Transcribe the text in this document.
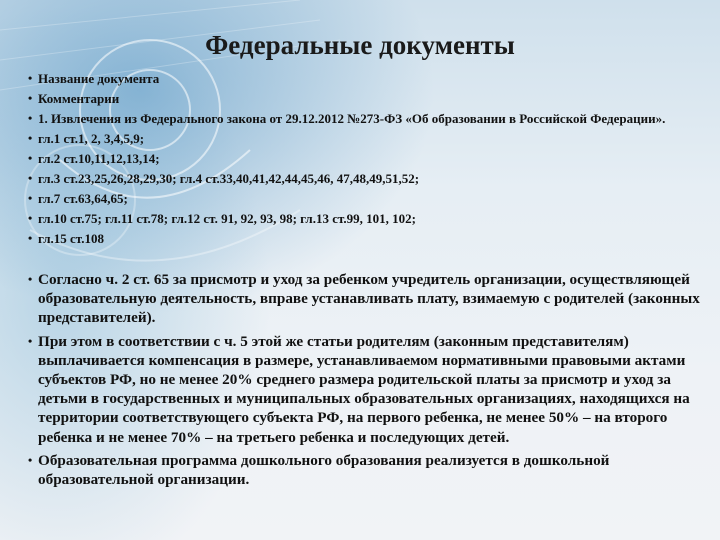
Федеральные документы
• Название документа
• Комментарии
• 1. Извлечения из Федерального закона от 29.12.2012 №273-ФЗ «Об образовании в Российской Федерации».
• гл.1 ст.1, 2, 3,4,5,9;
• гл.2 ст.10,11,12,13,14;
• гл.3 ст.23,25,26,28,29,30; гл.4 ст.33,40,41,42,44,45,46, 47,48,49,51,52;
• гл.7 ст.63,64,65;
• гл.10 ст.75; гл.11 ст.78; гл.12 ст. 91, 92, 93, 98; гл.13 ст.99, 101, 102;
• гл.15 ст.108
• Согласно ч. 2 ст. 65 за присмотр и уход за ребенком учредитель организации, осуществляющей образовательную деятельность, вправе устанавливать плату, взимаемую с родителей (законных представителей).
• При этом в соответствии с ч. 5 этой же статьи родителям (законным представителям) выплачивается компенсация в размере, устанавливаемом нормативными правовыми актами субъектов РФ, но не менее 20% среднего размера родительской платы за присмотр и уход за детьми в государственных и муниципальных образовательных организациях, находящихся на территории соответствующего субъекта РФ, на первого ребенка, не менее 50% – на второго ребенка и не менее 70% – на третьего ребенка и последующих детей.
• Образовательная программа дошкольного образования реализуется в дошкольной образовательной организации.
